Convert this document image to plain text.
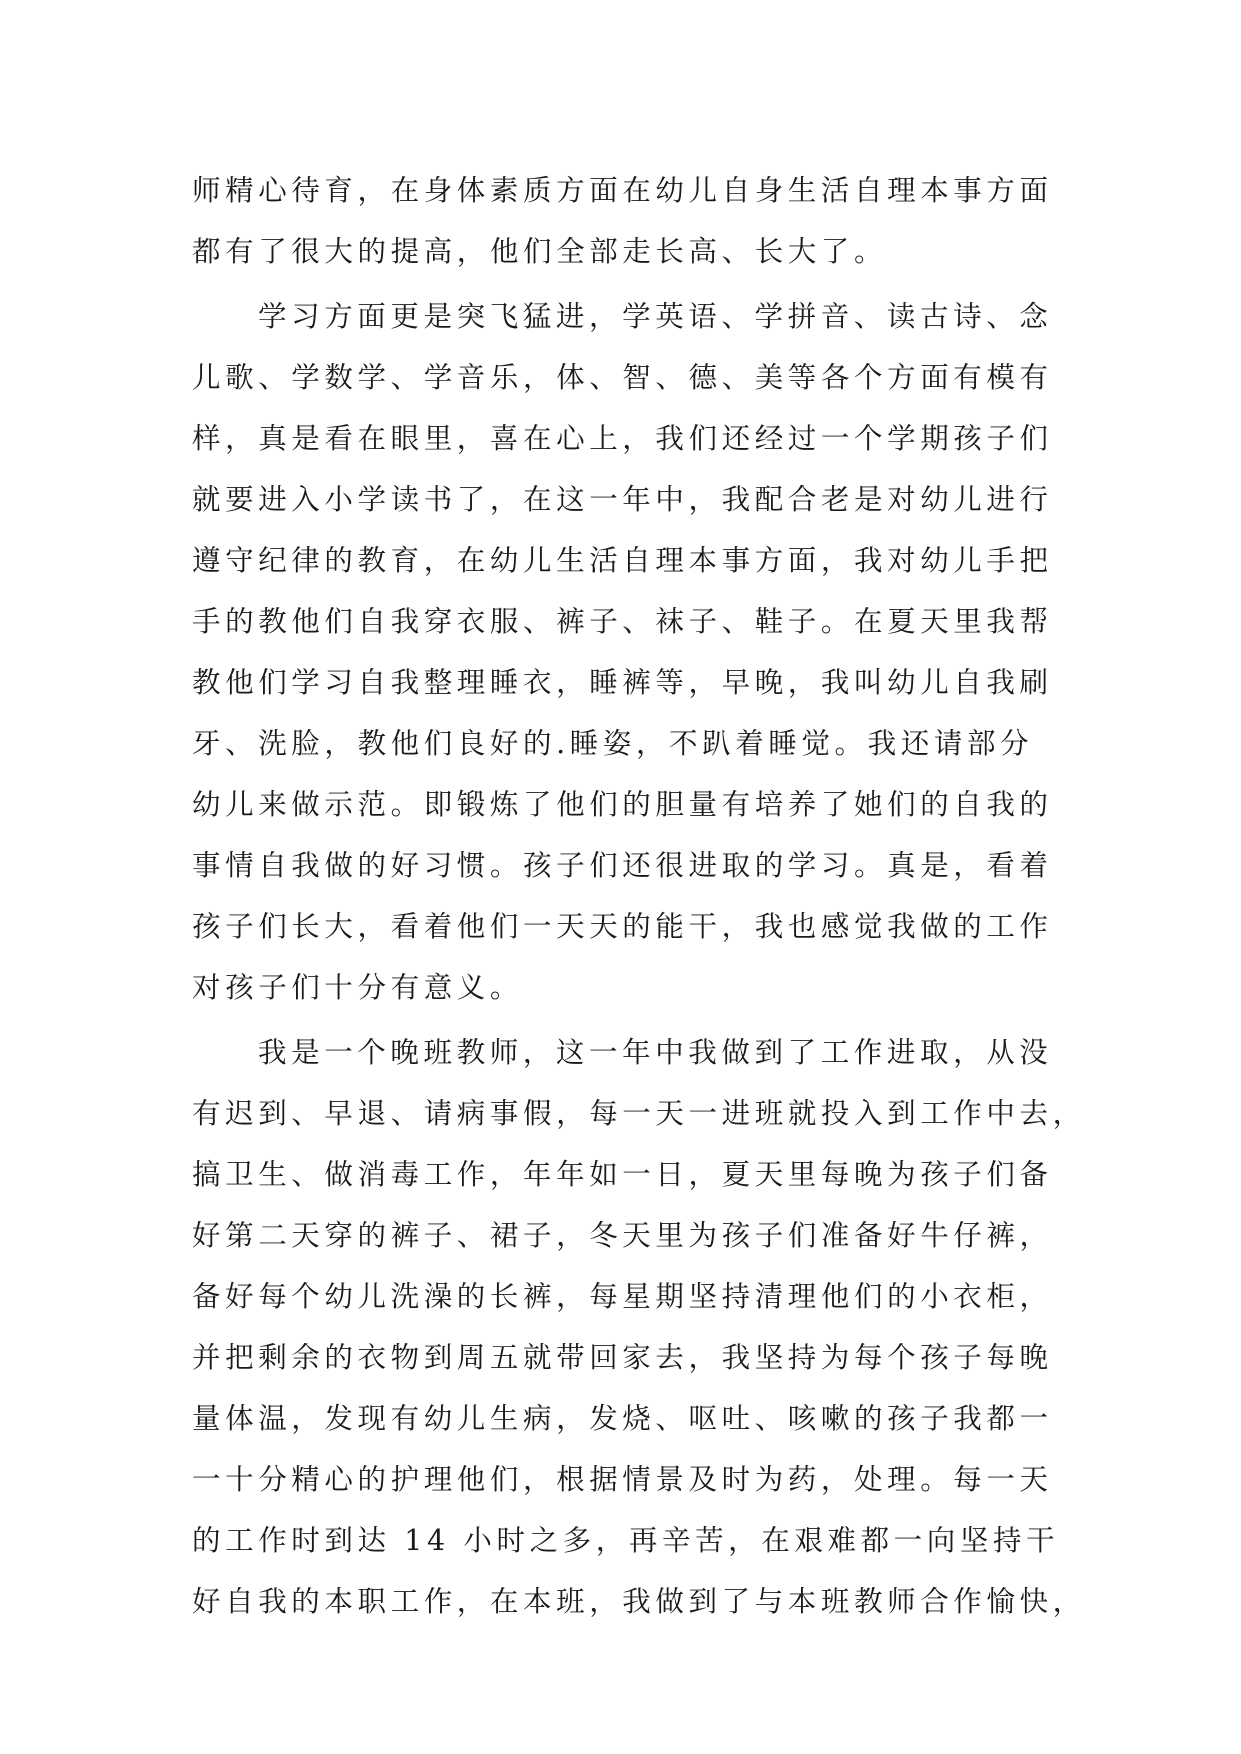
师精心待育，在身体素质方面在幼儿自身生活自理本事方面
都有了很大的提高，他们全部走长高、长大了。
学习方面更是突飞猛进，学英语、学拼音、读古诗、念
儿歌、学数学、学音乐，体、智、德、美等各个方面有模有
样，真是看在眼里，喜在心上，我们还经过一个学期孩子们
就要进入小学读书了，在这一年中，我配合老是对幼儿进行
遵守纪律的教育，在幼儿生活自理本事方面，我对幼儿手把
手的教他们自我穿衣服、裤子、袜子、鞋子。在夏天里我帮
教他们学习自我整理睡衣，睡裤等，早晚，我叫幼儿自我刷
牙、洗脸，教他们良好的.睡姿，不趴着睡觉。我还请部分
幼儿来做示范。即锻炼了他们的胆量有培养了她们的自我的
事情自我做的好习惯。孩子们还很进取的学习。真是，看着
孩子们长大，看着他们一天天的能干，我也感觉我做的工作
对孩子们十分有意义。
我是一个晚班教师，这一年中我做到了工作进取，从没
有迟到、早退、请病事假，每一天一进班就投入到工作中去，
搞卫生、做消毒工作，年年如一日，夏天里每晚为孩子们备
好第二天穿的裤子、裙子，冬天里为孩子们准备好牛仔裤，
备好每个幼儿洗澡的长裤，每星期坚持清理他们的小衣柜，
并把剩余的衣物到周五就带回家去，我坚持为每个孩子每晚
量体温，发现有幼儿生病，发烧、呕吐、咳嗽的孩子我都一
一十分精心的护理他们，根据情景及时为药，处理。每一天
的工作时到达 14 小时之多，再辛苦，在艰难都一向坚持干
好自我的本职工作，在本班，我做到了与本班教师合作愉快，
